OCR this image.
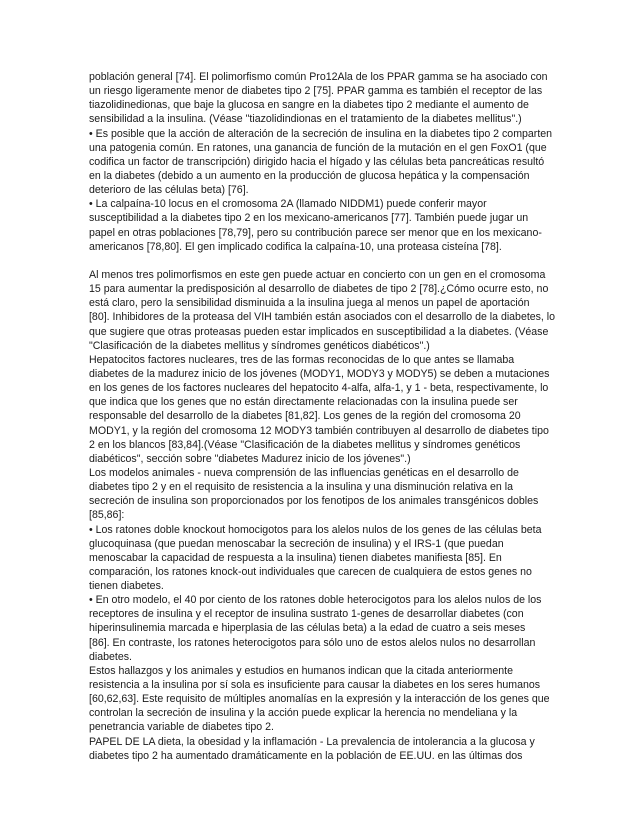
población general [74]. El polimorfismo común Pro12Ala de los PPAR gamma se ha asociado con
un riesgo ligeramente menor de diabetes tipo 2 [75]. PPAR gamma es también el receptor de las
tiazolidinedionas, que baje la glucosa en sangre en la diabetes tipo 2 mediante el aumento de
sensibilidad a la insulina. (Véase "tiazolidindionas en el tratamiento de la diabetes mellitus".)
• Es posible que la acción de alteración de la secreción de insulina en la diabetes tipo 2 comparten
una patogenia común. En ratones, una ganancia de función de la mutación en el gen FoxO1 (que
codifica un factor de transcripción) dirigido hacia el hígado y las células beta pancreáticas resultó
en la diabetes (debido a un aumento en la producción de glucosa hepática y la compensación
deterioro de las células beta) [76].
• La calpaína-10 locus en el cromosoma 2A (llamado NIDDM1) puede conferir mayor
susceptibilidad a la diabetes tipo 2 en los mexicano-americanos [77]. También puede jugar un
papel en otras poblaciones [78,79], pero su contribución parece ser menor que en los mexicano-
americanos [78,80]. El gen implicado codifica la calpaína-10, una proteasa cisteína [78].
Al menos tres polimorfismos en este gen puede actuar en concierto con un gen en el cromosoma
15 para aumentar la predisposición al desarrollo de diabetes de tipo 2 [78].¿Cómo ocurre esto, no
está claro, pero la sensibilidad disminuida a la insulina juega al menos un papel de aportación
[80]. Inhibidores de la proteasa del VIH también están asociados con el desarrollo de la diabetes, lo
que sugiere que otras proteasas pueden estar implicados en susceptibilidad a la diabetes. (Véase
"Clasificación de la diabetes mellitus y síndromes genéticos diabéticos".)
Hepatocitos factores nucleares, tres de las formas reconocidas de lo que antes se llamaba
diabetes de la madurez inicio de los jóvenes (MODY1, MODY3 y MODY5) se deben a mutaciones
en los genes de los factores nucleares del hepatocito 4-alfa, alfa-1, y 1 - beta, respectivamente, lo
que indica que los genes que no están directamente relacionadas con la insulina puede ser
responsable del desarrollo de la diabetes [81,82]. Los genes de la región del cromosoma 20
MODY1, y la región del cromosoma 12 MODY3 también contribuyen al desarrollo de diabetes tipo
2 en los blancos [83,84].(Véase "Clasificación de la diabetes mellitus y síndromes genéticos
diabéticos", sección sobre "diabetes Madurez inicio de los jóvenes".)
Los modelos animales - nueva comprensión de las influencias genéticas en el desarrollo de
diabetes tipo 2 y en el requisito de resistencia a la insulina y una disminución relativa en la
secreción de insulina son proporcionados por los fenotipos de los animales transgénicos dobles
[85,86]:
• Los ratones doble knockout homocigotos para los alelos nulos de los genes de las células beta
glucoquinasa (que puedan menoscabar la secreción de insulina) y el IRS-1 (que puedan
menoscabar la capacidad de respuesta a la insulina) tienen diabetes manifiesta [85]. En
comparación, los ratones knock-out individuales que carecen de cualquiera de estos genes no
tienen diabetes.
• En otro modelo, el 40 por ciento de los ratones doble heterocigotos para los alelos nulos de los
receptores de insulina y el receptor de insulina sustrato 1-genes de desarrollar diabetes (con
hiperinsulinemia marcada e hiperplasia de las células beta) a la edad de cuatro a seis meses
[86]. En contraste, los ratones heterocigotos para sólo uno de estos alelos nulos no desarrollan
diabetes.
Estos hallazgos y los animales y estudios en humanos indican que la citada anteriormente
resistencia a la insulina por sí sola es insuficiente para causar la diabetes en los seres humanos
[60,62,63]. Este requisito de múltiples anomalías en la expresión y la interacción de los genes que
controlan la secreción de insulina y la acción puede explicar la herencia no mendeliana y la
penetrancia variable de diabetes tipo 2.
PAPEL DE LA dieta, la obesidad y la inflamación - La prevalencia de intolerancia a la glucosa y
diabetes tipo 2 ha aumentado dramáticamente en la población de EE.UU. en las últimas dos
